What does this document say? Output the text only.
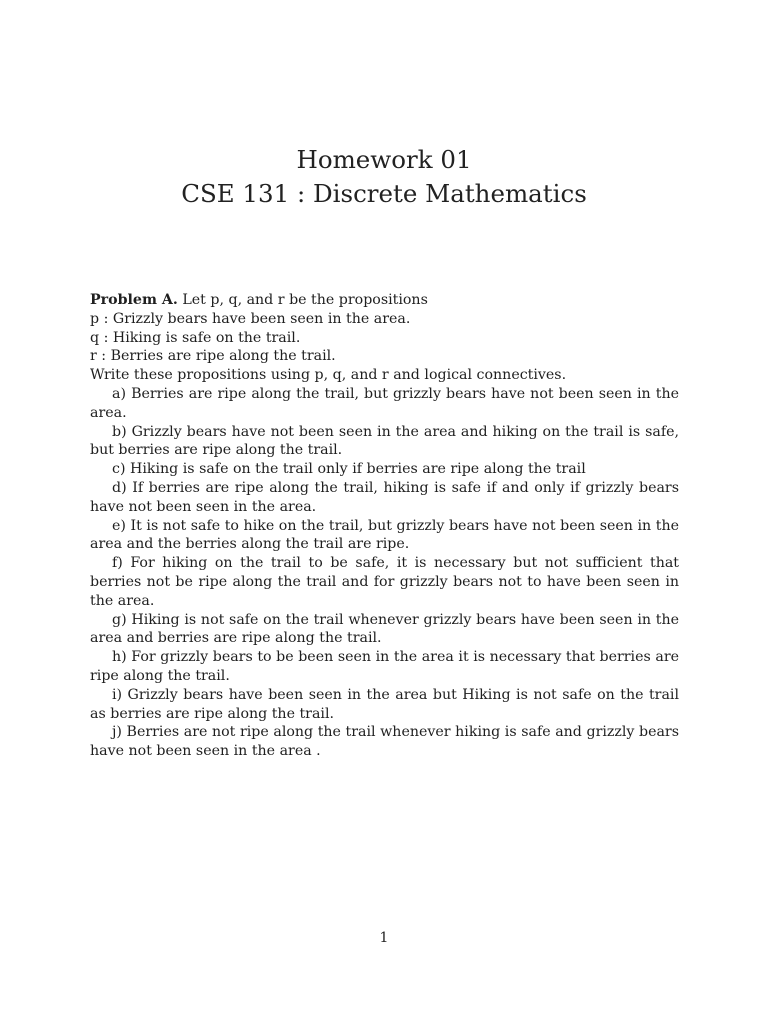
Homework 01
CSE 131 : Discrete Mathematics

Problem A. Let p, q, and r be the propositions

p : Grizzly bears have been seen in the area.

q : Hiking is safe on the trail.

r : Berries are ripe along the trail.

Write these propositions using p, q, and r and logical connectives.

a) Berries are ripe along the trail, but grizzly bears have not been seen in the area.

b) Grizzly bears have not been seen in the area and hiking on the trail is safe, but berries are ripe along the trail.

c) Hiking is safe on the trail only if berries are ripe along the trail

d) If berries are ripe along the trail, hiking is safe if and only if grizzly bears have not been seen in the area.

e) It is not safe to hike on the trail, but grizzly bears have not been seen in the area and the berries along the trail are ripe.

f) For hiking on the trail to be safe, it is necessary but not sufficient that berries not be ripe along the trail and for grizzly bears not to have been seen in the area.

g) Hiking is not safe on the trail whenever grizzly bears have been seen in the area and berries are ripe along the trail.

h) For grizzly bears to be been seen in the area it is necessary that berries are ripe along the trail.

i) Grizzly bears have been seen in the area but Hiking is not safe on the trail as berries are ripe along the trail.

j) Berries are not ripe along the trail whenever hiking is safe and grizzly bears have not been seen in the area .

1
